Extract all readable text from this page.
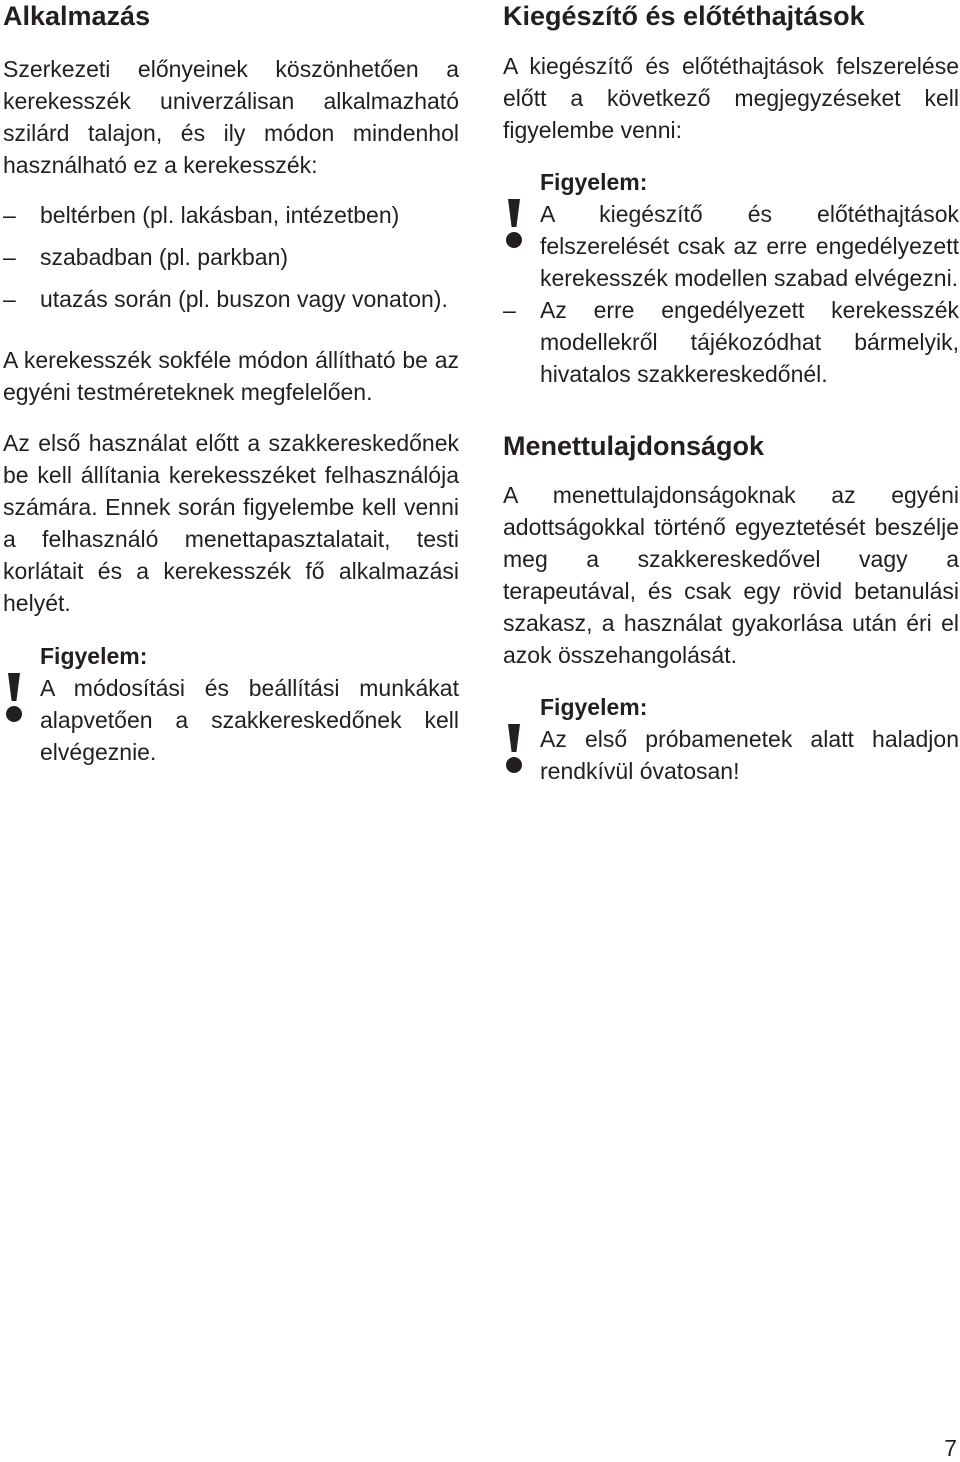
Alkalmazás

Szerkezeti előnyeinek köszönhetően a kerekesszék univerzálisan alkalmazható szilárd talajon, és ily módon mindenhol használható ez a kerekesszék:

– beltérben (pl. lakásban, intézetben)
– szabadban (pl. parkban)
– utazás során (pl. buszon vagy vonaton).

A kerekesszék sokféle módon állítható be az egyéni testméreteknek megfelelően.

Az első használat előtt a szakkereskedőnek be kell állítania kerekesszéket felhasználója számára. Ennek során figyelembe kell venni a felhasználó menettapasztalatait, testi korlátait és a kerekesszék fő alkalmazási helyét.

Figyelem:
A módosítási és beállítási munkákat alapvetően a szakkereskedőnek kell elvégeznie.
Kiegészítő és előtéthajtások

A kiegészítő és előtéthajtások felszerelése előtt a következő megjegyzéseket kell figyelembe venni:

Figyelem:
A kiegészítő és előtéthajtások felszerelését csak az erre engedélyezett kerekesszék modellen szabad elvégezni.
– Az erre engedélyezett kerekesszék modellekről tájékozódhat bármelyik, hivatalos szakkereskedőnél.
Menettulajdonságok

A menettulajdonságoknak az egyéni adottságokkal történő egyeztetését beszélje meg a szakkereskedővel vagy a terapeutával, és csak egy rövid betanulási szakasz, a használat gyakorlása után éri el azok összehangolását.

Figyelem:
Az első próbamenetek alatt haladjon rendkívül óvatosan!
7
